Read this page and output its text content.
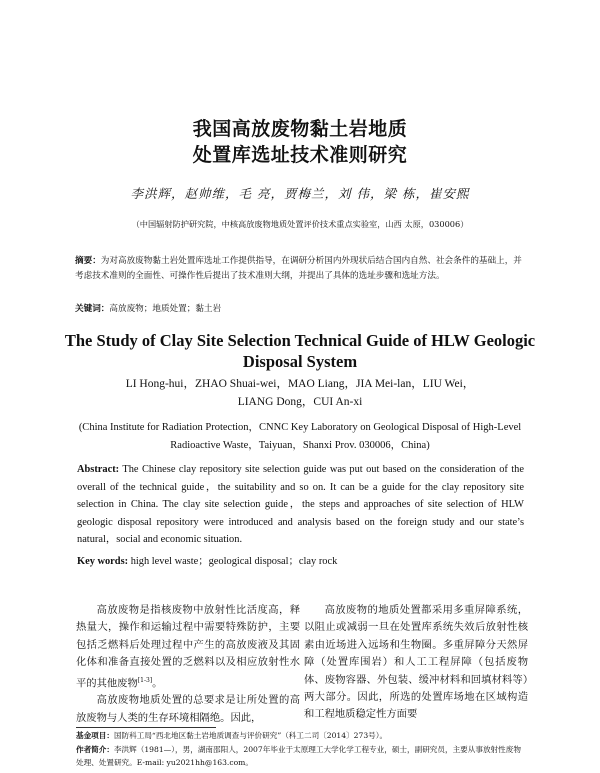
我国高放废物黏土岩地质
处置库选址技术准则研究
李洪辉，赵帅维，毛 亮，贾梅兰，刘 伟，梁 栋，崔安熙
（中国辐射防护研究院，中核高放废物地质处置评价技术重点实验室，山西 太原，030006）
摘要：为对高放废物黏土岩处置库选址工作提供指导，在调研分析国内外现状后结合国内自然、社会条件的基础上，并考虑技术准则的全面性、可操作性后提出了技术准则大纲，并提出了具体的选址步骤和选址方法。
关键词：高放废物；地质处置；黏土岩
The Study of Clay Site Selection Technical Guide of HLW Geologic
Disposal System
LI Hong-hui，ZHAO Shuai-wei，MAO Liang，JIA Mei-lan，LIU Wei，
LIANG Dong，CUI An-xi
(China Institute for Radiation Protection，CNNC Key Laboratory on Geological Disposal of High-Level
Radioactive Waste，Taiyuan，Shanxi Prov. 030006，China)
Abstract: The Chinese clay repository site selection guide was put out based on the consideration of the overall of the technical guide，the suitability and so on. It can be a guide for the clay repository site selection in China. The clay site selection guide，the steps and approaches of site selection of HLW geologic disposal repository were introduced and analysis based on the foreign study and our state’s natural，social and economic situation.
Key words: high level waste；geological disposal；clay rock

高放废物是指核废物中放射性比活度高，释热量大，操作和运输过程中需要特殊防护，主要包括乏燃料后处理过程中产生的高放废液及其固化体和准备直接处置的乏燃料以及相应放射性水平的其他废物[1-3]。

高放废物地质处置的总要求是让所处置的高放废物与人类的生存环境相隔绝。因此，

高放废物的地质处置都采用多重屏障系统，以阻止或减弱一旦在处置库系统失效后放射性核素由近场进入远场和生物圈。多重屏障分天然屏障（处置库围岩）和人工工程屏障（包括废物体、废物容器、外包装、缓冲材料和回填材料等）两大部分。因此，所选的处置库场地在区域构造和工程地质稳定性方面要

基金项目：国防科工局“西北地区黏土岩地质调查与评价研究”（科工二司〔2014〕273号）。
作者简介：李洪辉（1981—），男，湖南邵阳人，2007年毕业于太原理工大学化学工程专业，硕士，副研究员，主要从事放射性废物处理、处置研究。E-mail: yu2021hh@163.com。
